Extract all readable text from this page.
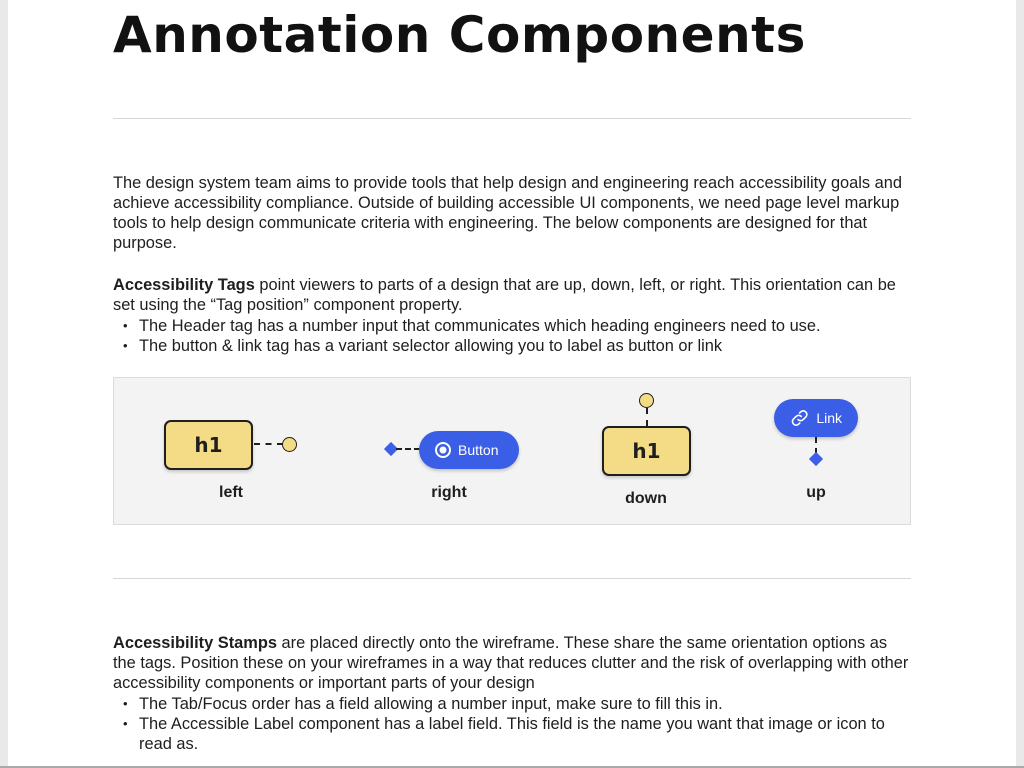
Annotation Components

The design system team aims to provide tools that help design and engineering reach accessibility goals and achieve accessibility compliance. Outside of building accessible UI components, we need page level markup tools to help design communicate criteria with engineering. The below components are designed for that purpose.

Accessibility Tags point viewers to parts of a design that are up, down, left, or right. This orientation can be set using the “Tag position” component property.

• The Header tag has a number input that communicates which heading engineers need to use.
• The button & link tag has a variant selector allowing you to label as button or link
h1
left
Button
right
h1
down
Link
up

Accessibility Stamps are placed directly onto the wireframe. These share the same orientation options as the tags. Position these on your wireframes in a way that reduces clutter and the risk of overlapping with other accessibility components or important parts of your design

• The Tab/Focus order has a field allowing a number input, make sure to fill this in.
• The Accessible Label component has a label field. This field is the name you want that image or icon to read as.
